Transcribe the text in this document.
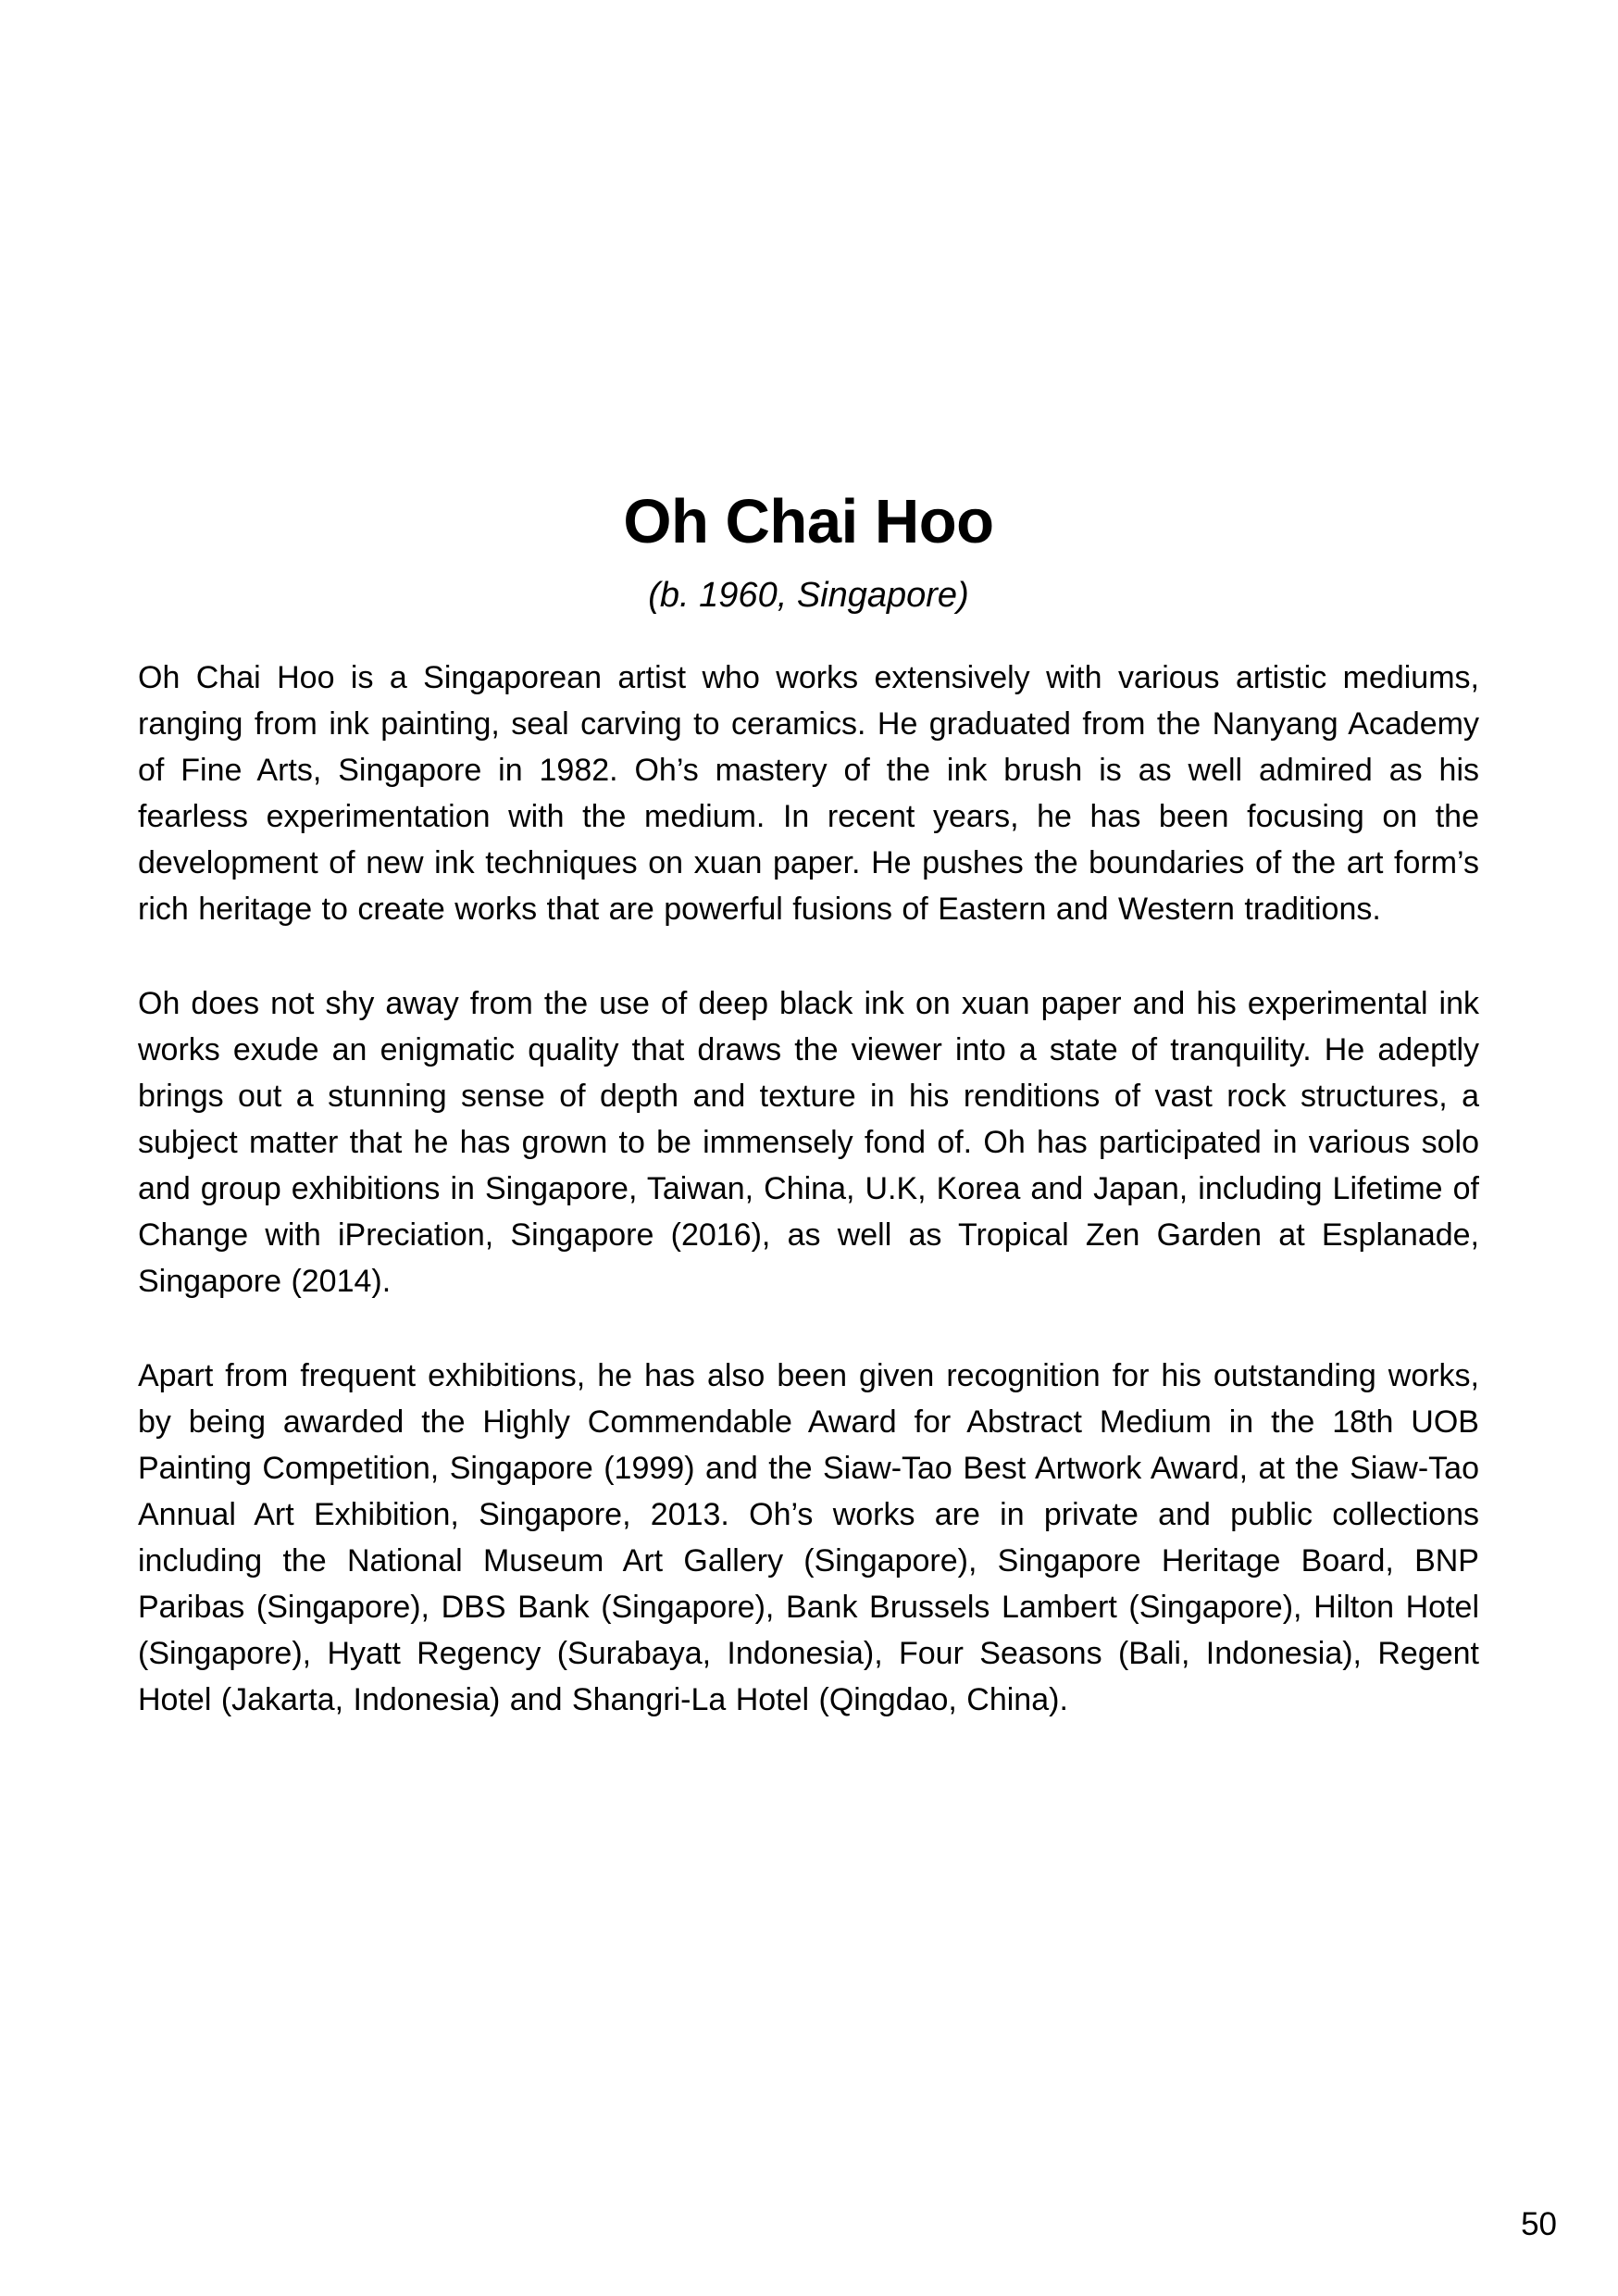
Oh Chai Hoo
(b. 1960, Singapore)

Oh Chai Hoo is a Singaporean artist who works extensively with various artistic mediums, ranging from ink painting, seal carving to ceramics. He graduated from the Nanyang Academy of Fine Arts, Singapore in 1982. Oh’s mastery of the ink brush is as well admired as his fearless experimentation with the medium. In recent years, he has been focusing on the development of new ink techniques on xuan paper. He pushes the boundaries of the art form’s rich heritage to create works that are powerful fusions of Eastern and Western traditions.

Oh does not shy away from the use of deep black ink on xuan paper and his experimental ink works exude an enigmatic quality that draws the viewer into a state of tranquility. He adeptly brings out a stunning sense of depth and texture in his renditions of vast rock structures, a subject matter that he has grown to be immensely fond of. Oh has participated in various solo and group exhibitions in Singapore, Taiwan, China, U.K, Korea and Japan, including Lifetime of Change with iPreciation, Singapore (2016), as well as Tropical Zen Garden at Esplanade, Singapore (2014).

Apart from frequent exhibitions, he has also been given recognition for his outstanding works, by being awarded the Highly Commendable Award for Abstract Medium in the 18th UOB Painting Competition, Singapore (1999) and the Siaw-Tao Best Artwork Award, at the Siaw-Tao Annual Art Exhibition, Singapore, 2013. Oh’s works are in private and public collections including the National Museum Art Gallery (Singapore), Singapore Heritage Board, BNP Paribas (Singapore), DBS Bank (Singapore), Bank Brussels Lambert (Singapore), Hilton Hotel (Singapore), Hyatt Regency (Surabaya, Indonesia), Four Seasons (Bali, Indonesia), Regent Hotel (Jakarta, Indonesia) and Shangri-La Hotel (Qingdao, China).

50
